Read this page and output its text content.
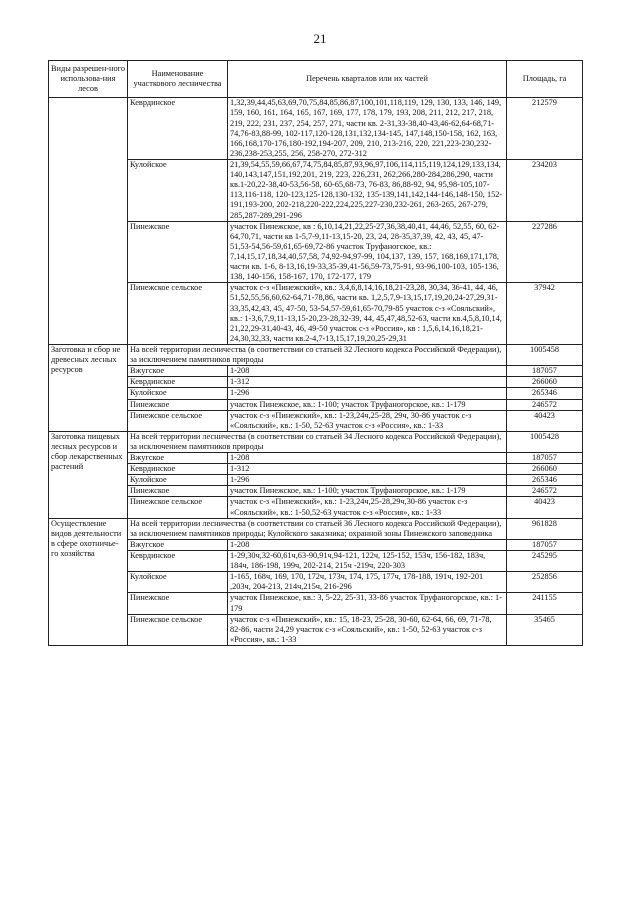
21
Виды разрешен-ного использова-ния лесов	Наименование участкового лесничества	Перечень кварталов или их частей	Площадь, га
	Кеврдинское	1,32,39,44,45,63,69,70,75,84,85,86,87,100,101,118,119, 129, 130, 133, 146, 149, 159, 160, 161, 164, 165, 167, 169, 177, 178, 179, 193, 208, 211, 212, 217, 218, 219, 222, 231, 237, 254, 257, 271, части кв. 2-31,33-38,40-43,46-62,64-68,71-74,76-83,88-99, 102-117,120-128,131,132,134-145, 147,148,150-158, 162, 163, 166,168,170-176,180-192,194-207, 209, 210, 213-216, 220, 221,223-230,232-236,238-253,255, 256, 258-270, 272-312	212579
	Кулойское	21,39,54,55,59,66,67,74,75,84,85,87,93,96,97,106,114,115,119,124,129,133,134,140,143,147,151,192,201, 219, 223, 226,231, 262,266,280-284,286,290, части кв.1-20,22-38,40-53,56-58, 60-65,68-73, 76-83, 86,88-92, 94, 95,98-105,107-113,116-118, 120-123,125-128,130-132, 135-139,141,142,144-146,148-150, 152-191,193-200, 202-218,220-222,224,225,227-230,232-261, 263-265, 267-279, 285,287-289,291-296	234203
	Пинежское	участок Пинежское, кв : 6,10,14,21,22,25-27,36,38,40,41, 44,46, 52,55, 60, 62-64,70,71, части кв 1-5,7-9,11-13,15-20, 23, 24, 28-35,37,39, 42, 43, 45, 47-51,53-54,56-59,61,65-69,72-86 участок Труфаногское, кв.: 7,14,15,17,18,34,40,57,58, 74,92-94,97-99, 104,137, 139, 157, 168,169,171,178, части кв. 1-6, 8-13,16,19-33,35-39,41-56,59-73,75-91, 93-96,100-103, 105-136, 138, 140-156, 158-167, 170, 172-177, 179	227286
	Пинежское сельское	участок с-з «Пинежский», кв.: 3,4,6,8,14,16,18,21-23,28, 30,34, 36-41, 44, 46, 51,52,55,56,60,62-64,71-78,86, части кв. 1,2,5,7,9-13,15,17,19,20,24-27,29,31-33,35,42,43, 45, 47-50, 53-54,57-59,61,65-70,79-85 участок с-з «Сояльский», кв.: 1-3,6,7,9,11-13,15-20,23-28,32-39, 44, 45,47,48,52-63, части кв.4,5,8,10,14, 21,22,29-31,40-43, 46, 49-50 участок с-з «Россия», кв : 1,5,6,14,16,18,21-24,30,32,33, части кв.2-4,7-13,15,17,19,20,25-29,31	37942
Заготовка и сбор не древесных лесных ресурсов	На всей территории лесничества (в соответствии со статьей 32 Лесного кодекса Российской Федерации), за исключением памятников природы		1005458
	Вжугское	1-208	187057
	Кеврдинское	1-312	266060
	Кулойское	1-296	265346
	Пинежское	участок Пинежское, кв.: 1-100; участок Труфаногорское, кв.: 1-179	246572
	Пинежское сельское	участок с-з «Пинежский», кв.: 1-23,24ч,25-28, 29ч, 30-86 участок с-з «Сояльский», кв.: 1-50, 52-63 участок с-з «Россия», кв.: 1-33	40423
Заготовка пищевых лесных ресурсов и сбор лекарственных растений	На всей территории лесничества (в соответствии со статьей 34 Лесного кодекса Российской Федерации), за исключением памятников природы		1005428
	Вжугское	1-208	187057
	Кеврдинское	1-312	266060
	Кулойское	1-296	265346
	Пинежское	участок Пинежское, кв.: 1-100; участок Труфаногорское, кв.: 1-179	246572
	Пинежское сельское	участок с-з «Пинежский», кв.: 1-23,24ч,25-28,29ч,30-86 участок с-з «Сояльский», кв.: 1-50,52-63 участок с-з «Россия», кв.: 1-33	40423
Осуществление видов деятельности в сфере охотничье-го хозяйства	На всей территории лесничества (в соответствии со статьей 36 Лесного кодекса Российской Федерации), за исключением памятников природы; Кулойского заказника; охранной зоны Пинежского заповедника		961828
	Вжугское	1-208	187057
	Кеврдинское	1-29,30ч,32-60,61ч,63-90,91ч,94-121, 122ч, 125-152, 153ч, 156-182, 183ч, 184ч, 186-198, 199ч, 202-214, 215ч -219ч, 220-303	245295
	Кулойское	1-165, 168ч, 169, 170, 172ч, 173ч, 174, 175, 177ч, 178-188, 191ч, 192-201 ,203ч, 204-213, 214ч,215ч, 216-296	252856
	Пинежское	участок Пинежское, кв.: 3, 5-22, 25-31, 33-86 участок Труфаногорское, кв.: 1-179	241155
	Пинежское сельское	участок с-з «Пинежский», кв.: 15, 18-23, 25-28, 30-60, 62-64, 66, 69, 71-78, 82-86, части 24,29 участок с-з «Сояльский», кв.: 1-50, 52-63 участок с-з «Россия», кв.: 1-33	35465
